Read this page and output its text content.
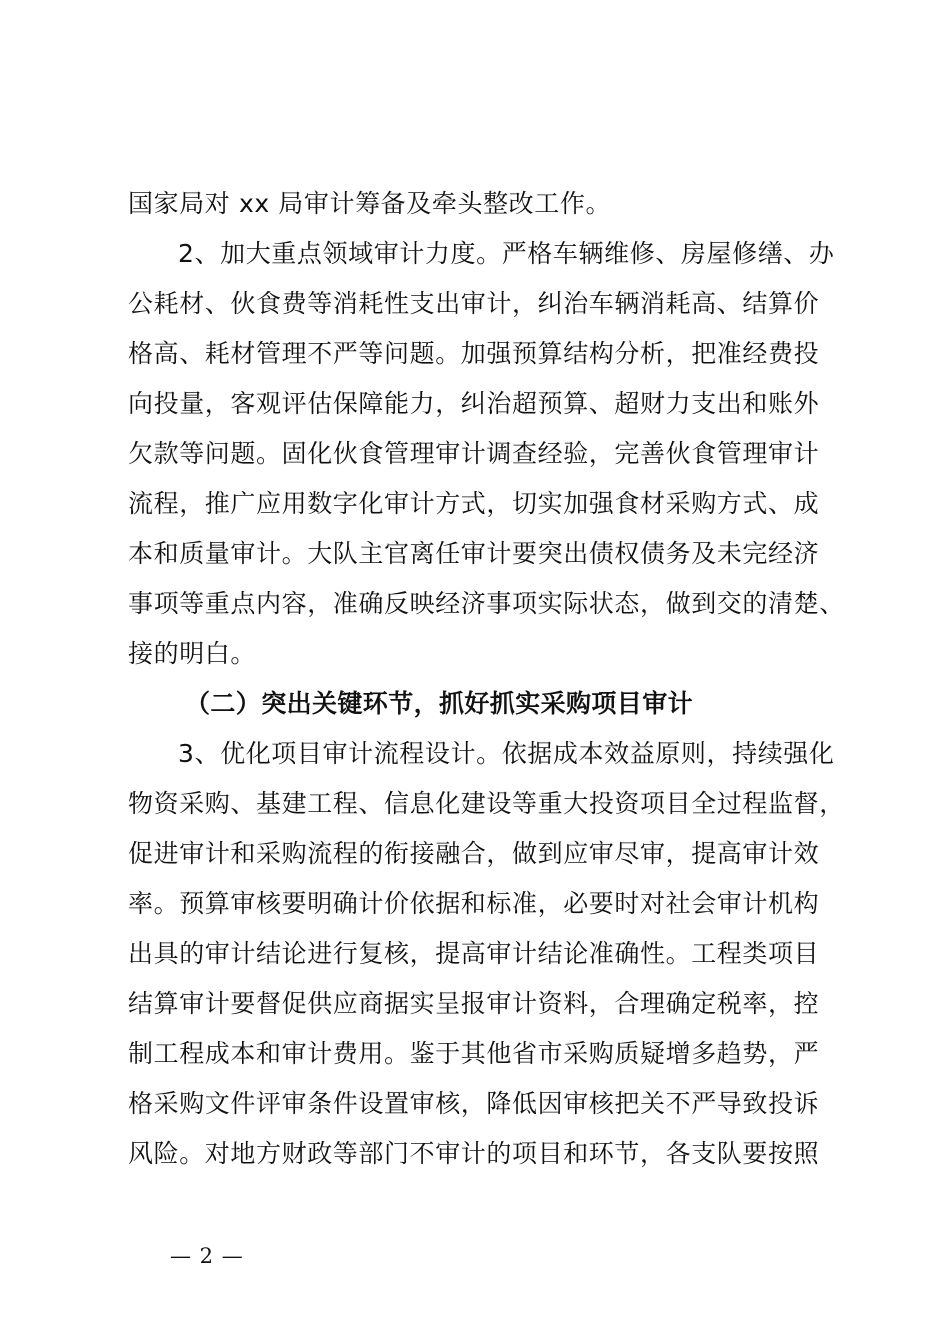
国家局对 xx 局审计筹备及牵头整改工作。
2、加大重点领域审计力度。严格车辆维修、房屋修缮、办
公耗材、伙食费等消耗性支出审计，纠治车辆消耗高、结算价
格高、耗材管理不严等问题。加强预算结构分析，把准经费投
向投量，客观评估保障能力，纠治超预算、超财力支出和账外
欠款等问题。固化伙食管理审计调查经验，完善伙食管理审计
流程，推广应用数字化审计方式，切实加强食材采购方式、成
本和质量审计。大队主官离任审计要突出债权债务及未完经济
事项等重点内容，准确反映经济事项实际状态，做到交的清楚、
接的明白。
（二）突出关键环节，抓好抓实采购项目审计
3、优化项目审计流程设计。依据成本效益原则，持续强化
物资采购、基建工程、信息化建设等重大投资项目全过程监督，
促进审计和采购流程的衔接融合，做到应审尽审，提高审计效
率。预算审核要明确计价依据和标准，必要时对社会审计机构
出具的审计结论进行复核，提高审计结论准确性。工程类项目
结算审计要督促供应商据实呈报审计资料，合理确定税率，控
制工程成本和审计费用。鉴于其他省市采购质疑增多趋势，严
格采购文件评审条件设置审核，降低因审核把关不严导致投诉
风险。对地方财政等部门不审计的项目和环节，各支队要按照
— 2 —
